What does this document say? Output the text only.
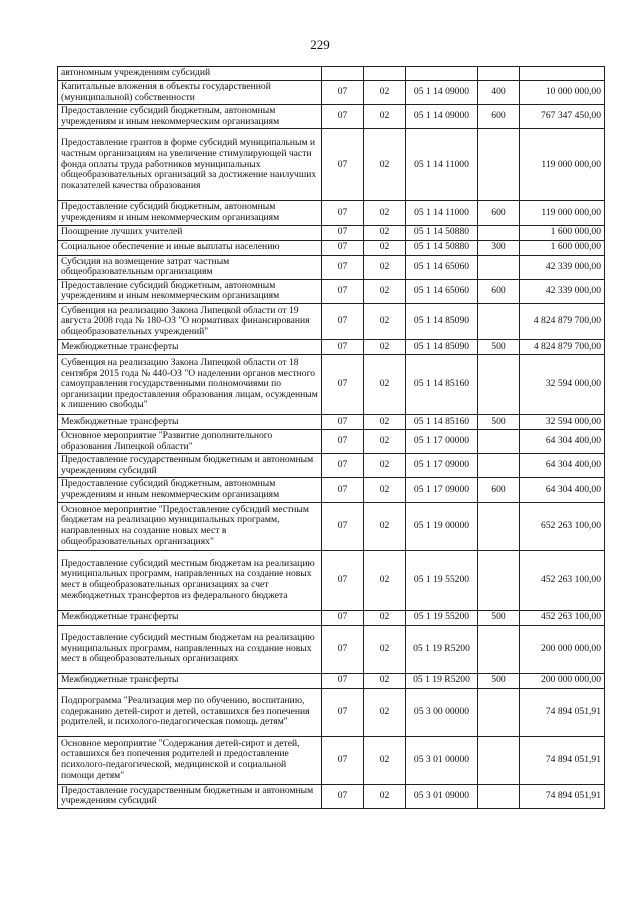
229
автономным учреждениям субсидий					
Капитальные вложения в объекты государственной (муниципальной) собственности	07	02	05 1 14 09000	400	10 000 000,00
Предоставление субсидий бюджетным, автономным учреждениям и иным некоммерческим организациям	07	02	05 1 14 09000	600	767 347 450,00
Предоставление грантов в форме субсидий муниципальным и частным организациям на увеличение стимулирующей части фонда оплаты труда работников муниципальных общеобразовательных организаций за достижение наилучших показателей качества образования	07	02	05 1 14 11000		119 000 000,00
Предоставление субсидий бюджетным, автономным учреждениям и иным некоммерческим организациям	07	02	05 1 14 11000	600	119 000 000,00
Поощрение лучших учителей	07	02	05 1 14 50880		1 600 000,00
Социальное обеспечение и иные выплаты населению	07	02	05 1 14 50880	300	1 600 000,00
Субсидия на возмещение затрат частным общеобразовательным организациям	07	02	05 1 14 65060		42 339 000,00
Предоставление субсидий бюджетным, автономным учреждениям и иным некоммерческим организациям	07	02	05 1 14 65060	600	42 339 000,00
Субвенция на реализацию Закона Липецкой области от 19 августа 2008 года № 180-ОЗ "О нормативах финансирования общеобразовательных учреждений"	07	02	05 1 14 85090		4 824 879 700,00
Межбюджетные трансферты	07	02	05 1 14 85090	500	4 824 879 700,00
Субвенция на реализацию Закона Липецкой области от 18 сентября 2015 года № 440-ОЗ "О наделении органов местного самоуправления государственными полномочиями по организации предоставления образования лицам, осужденным к лишению свободы"	07	02	05 1 14 85160		32 594 000,00
Межбюджетные трансферты	07	02	05 1 14 85160	500	32 594 000,00
Основное мероприятие "Развитие дополнительного образования Липецкой области"	07	02	05 1 17 00000		64 304 400,00
Предоставление государственным бюджетным и автономным учреждениям субсидий	07	02	05 1 17 09000		64 304 400,00
Предоставление субсидий бюджетным, автономным учреждениям и иным некоммерческим организациям	07	02	05 1 17 09000	600	64 304 400,00
Основное мероприятие "Предоставление субсидий местным бюджетам на реализацию муниципальных программ, направленных на создание новых мест в общеобразовательных организациях"	07	02	05 1 19 00000		652 263 100,00
Предоставление субсидий местным бюджетам на реализацию муниципальных программ, направленных на создание новых мест в общеобразовательных организациях за счет межбюджетных трансфертов из федерального бюджета	07	02	05 1 19 55200		452 263 100,00
Межбюджетные трансферты	07	02	05 1 19 55200	500	452 263 100,00
Предоставление субсидий местным бюджетам на реализацию муниципальных программ, направленных на создание новых мест в общеобразовательных организациях	07	02	05 1 19 R5200		200 000 000,00
Межбюджетные трансферты	07	02	05 1 19 R5200	500	200 000 000,00
Подпрограмма "Реализация мер по обучению, воспитанию, содержанию детей-сирот и детей, оставшихся без попечения родителей, и психолого-педагогическая помощь детям"	07	02	05 3 00 00000		74 894 051,91
Основное мероприятие "Содержания детей-сирот и детей, оставшихся без попечения родителей и предоставление психолого-педагогической, медицинской и социальной помощи детям"	07	02	05 3 01 00000		74 894 051,91
Предоставление государственным бюджетным и автономным учреждениям субсидий	07	02	05 3 01 09000		74 894 051,91
